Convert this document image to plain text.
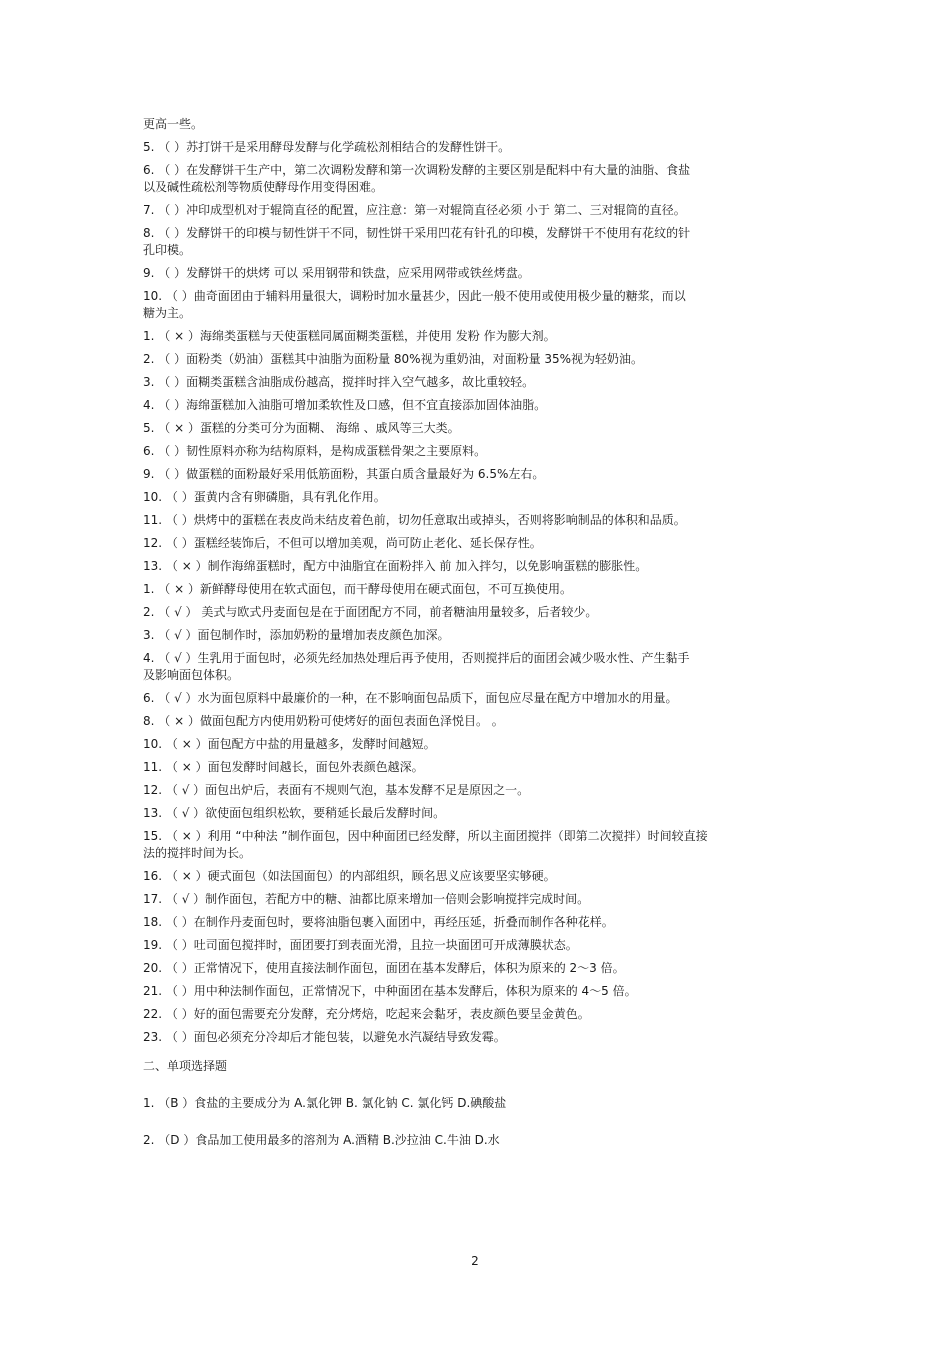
更高一些。
5. （ ）苏打饼干是采用酵母发酵与化学疏松剂相结合的发酵性饼干。
6. （ ）在发酵饼干生产中，第二次调粉发酵和第一次调粉发酵的主要区别是配料中有大量的油脂、食盐
以及碱性疏松剂等物质使酵母作用变得困难。
7. （ ）冲印成型机对于辊筒直径的配置，应注意：第一对辊筒直径必须 小于 第二、三对辊筒的直径。
8. （ ）发酵饼干的印模与韧性饼干不同，韧性饼干采用凹花有针孔的印模，发酵饼干不使用有花纹的针
孔印模。
9. （ ）发酵饼干的烘烤 可以 采用钢带和铁盘，应采用网带或铁丝烤盘。
10. （ ）曲奇面团由于辅料用量很大，调粉时加水量甚少，因此一般不使用或使用极少量的糖浆，而以
糖为主。
1. （ × ）海绵类蛋糕与天使蛋糕同属面糊类蛋糕，并使用 发粉 作为膨大剂。
2. （ ）面粉类（奶油）蛋糕其中油脂为面粉量 80%视为重奶油，对面粉量 35%视为轻奶油。
3. （ ）面糊类蛋糕含油脂成份越高，搅拌时拌入空气越多，故比重较轻。
4. （ ）海绵蛋糕加入油脂可增加柔软性及口感，但不宜直接添加固体油脂。
5. （ × ）蛋糕的分类可分为面糊、 海绵 、戚风等三大类。
6. （ ）韧性原料亦称为结构原料，是构成蛋糕骨架之主要原料。
9. （ ）做蛋糕的面粉最好采用低筋面粉，其蛋白质含量最好为 6.5%左右。
10. （ ）蛋黄内含有卵磷脂，具有乳化作用。
11. （ ）烘烤中的蛋糕在表皮尚未结皮着色前，切勿任意取出或掉头，否则将影响制品的体积和品质。
12. （ ）蛋糕经装饰后，不但可以增加美观，尚可防止老化、延长保存性。
13. （ × ）制作海绵蛋糕时，配方中油脂宜在面粉拌入 前 加入拌匀，以免影响蛋糕的膨胀性。
1. （ × ）新鲜酵母使用在软式面包，而干酵母使用在硬式面包，不可互换使用。
2. （ √ ） 美式与欧式丹麦面包是在于面团配方不同，前者糖油用量较多，后者较少。
3. （ √ ）面包制作时，添加奶粉的量增加表皮颜色加深。
4. （ √ ）生乳用于面包时，必须先经加热处理后再予使用，否则搅拌后的面团会减少吸水性、产生黏手
及影响面包体积。
6. （ √ ）水为面包原料中最廉价的一种，在不影响面包品质下，面包应尽量在配方中增加水的用量。
8. （ × ）做面包配方内使用奶粉可使烤好的面包表面色泽悦目。 。
10. （ × ）面包配方中盐的用量越多，发酵时间越短。
11. （ × ）面包发酵时间越长，面包外表颜色越深。
12. （ √ ）面包出炉后，表面有不规则气泡，基本发酵不足是原因之一。
13. （ √ ）欲使面包组织松软，要稍延长最后发酵时间。
15. （ × ）利用 “中种法 ”制作面包，因中种面团已经发酵，所以主面团搅拌（即第二次搅拌）时间较直接
法的搅拌时间为长。
16. （ × ）硬式面包（如法国面包）的内部组织，顾名思义应该要坚实够硬。
17. （ √ ）制作面包，若配方中的糖、油都比原来增加一倍则会影响搅拌完成时间。
18. （ ）在制作丹麦面包时，要将油脂包裹入面团中，再经压延，折叠而制作各种花样。
19. （ ）吐司面包搅拌时，面团要打到表面光滑，且拉一块面团可开成薄膜状态。
20. （ ）正常情况下，使用直接法制作面包，面团在基本发酵后，体积为原来的 2～3 倍。
21. （ ）用中种法制作面包，正常情况下，中种面团在基本发酵后，体积为原来的 4～5 倍。
22. （ ）好的面包需要充分发酵，充分烤焙，吃起来会黏牙，表皮颜色要呈金黄色。
23. （ ）面包必须充分冷却后才能包装，以避免水汽凝结导致发霉。
二、单项选择题
1. （B ）食盐的主要成分为 A.氯化钾 B. 氯化钠 C. 氯化钙 D.碘酸盐
2. （D ）食品加工使用最多的溶剂为 A.酒精 B.沙拉油 C.牛油 D.水
2
